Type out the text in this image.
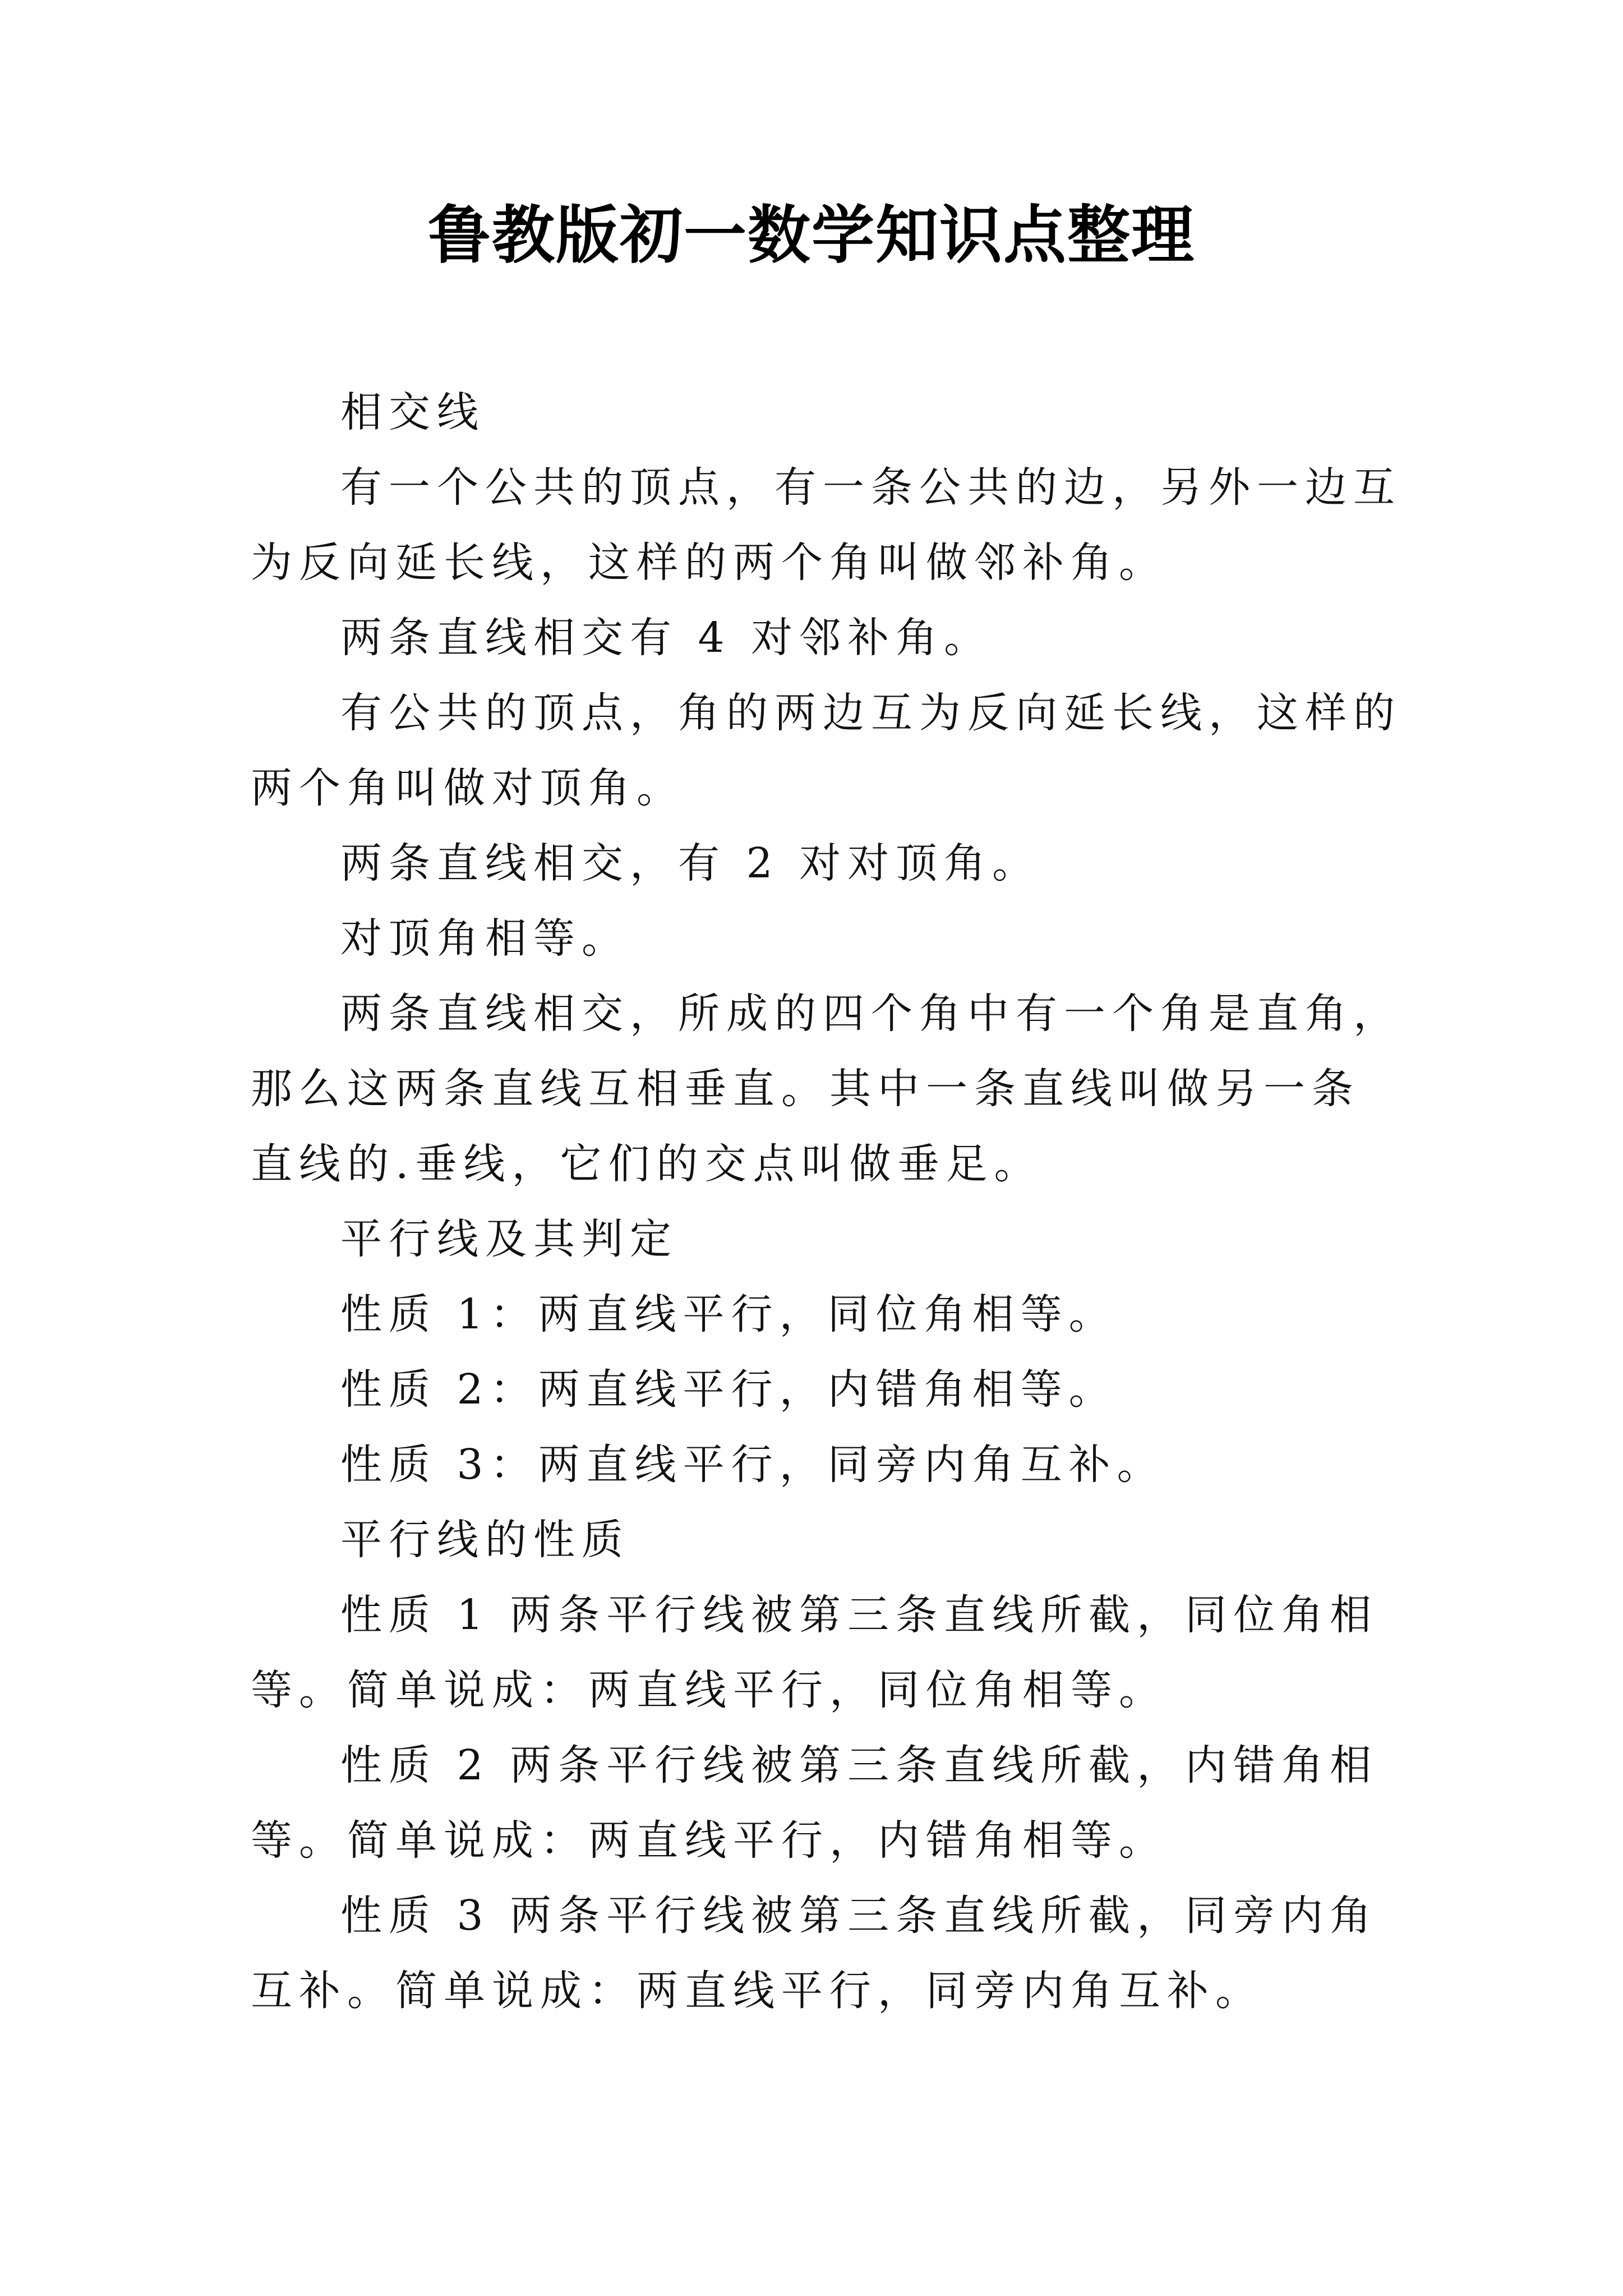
鲁教版初一数学知识点整理

相交线

有一个公共的顶点，有一条公共的边，另外一边互为反向延长线，这样的两个角叫做邻补角。

两条直线相交有 4 对邻补角。

有公共的顶点，角的两边互为反向延长线，这样的两个角叫做对顶角。

两条直线相交，有 2 对对顶角。

对顶角相等。

两条直线相交，所成的四个角中有一个角是直角，那么这两条直线互相垂直。其中一条直线叫做另一条直线的.垂线，它们的交点叫做垂足。

平行线及其判定

性质 1：两直线平行，同位角相等。

性质 2：两直线平行，内错角相等。

性质 3：两直线平行，同旁内角互补。

平行线的性质

性质 1 两条平行线被第三条直线所截，同位角相等。简单说成：两直线平行，同位角相等。

性质 2 两条平行线被第三条直线所截，内错角相等。简单说成：两直线平行，内错角相等。

性质 3 两条平行线被第三条直线所截，同旁内角互补。简单说成：两直线平行，同旁内角互补。
